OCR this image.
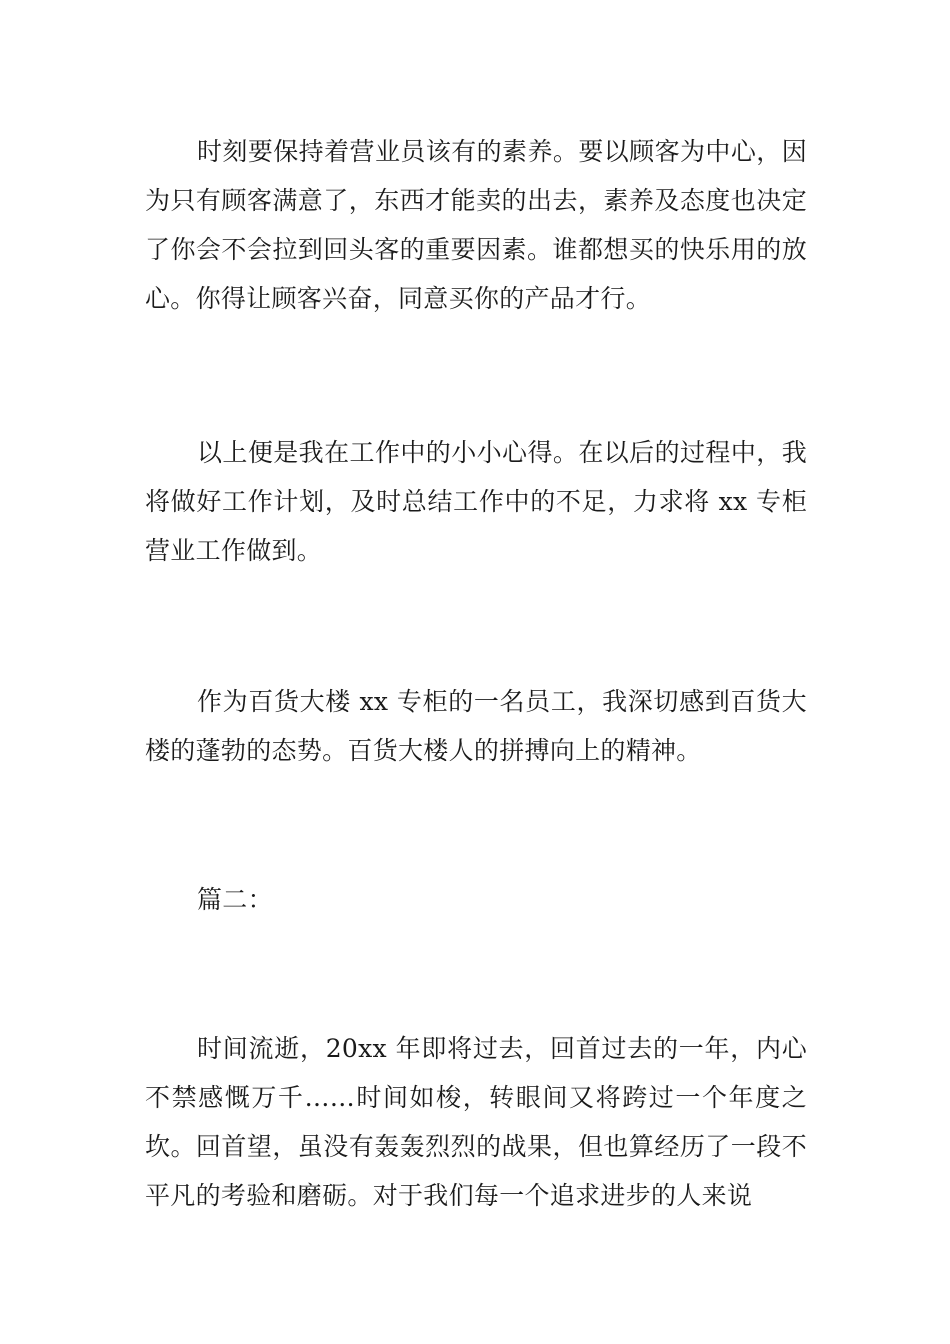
时刻要保持着营业员该有的素养。要以顾客为中心，因为只有顾客满意了，东西才能卖的出去，素养及态度也决定了你会不会拉到回头客的重要因素。谁都想买的快乐用的放心。你得让顾客兴奋，同意买你的产品才行。

以上便是我在工作中的小小心得。在以后的过程中，我将做好工作计划，及时总结工作中的不足，力求将 xx 专柜营业工作做到。

作为百货大楼 xx 专柜的一名员工，我深切感到百货大楼的蓬勃的态势。百货大楼人的拼搏向上的精神。

篇二：

时间流逝，20xx 年即将过去，回首过去的一年，内心不禁感慨万千……时间如梭，转眼间又将跨过一个年度之坎。回首望，虽没有轰轰烈烈的战果，但也算经历了一段不平凡的考验和磨砺。对于我们每一个追求进步的人来说
